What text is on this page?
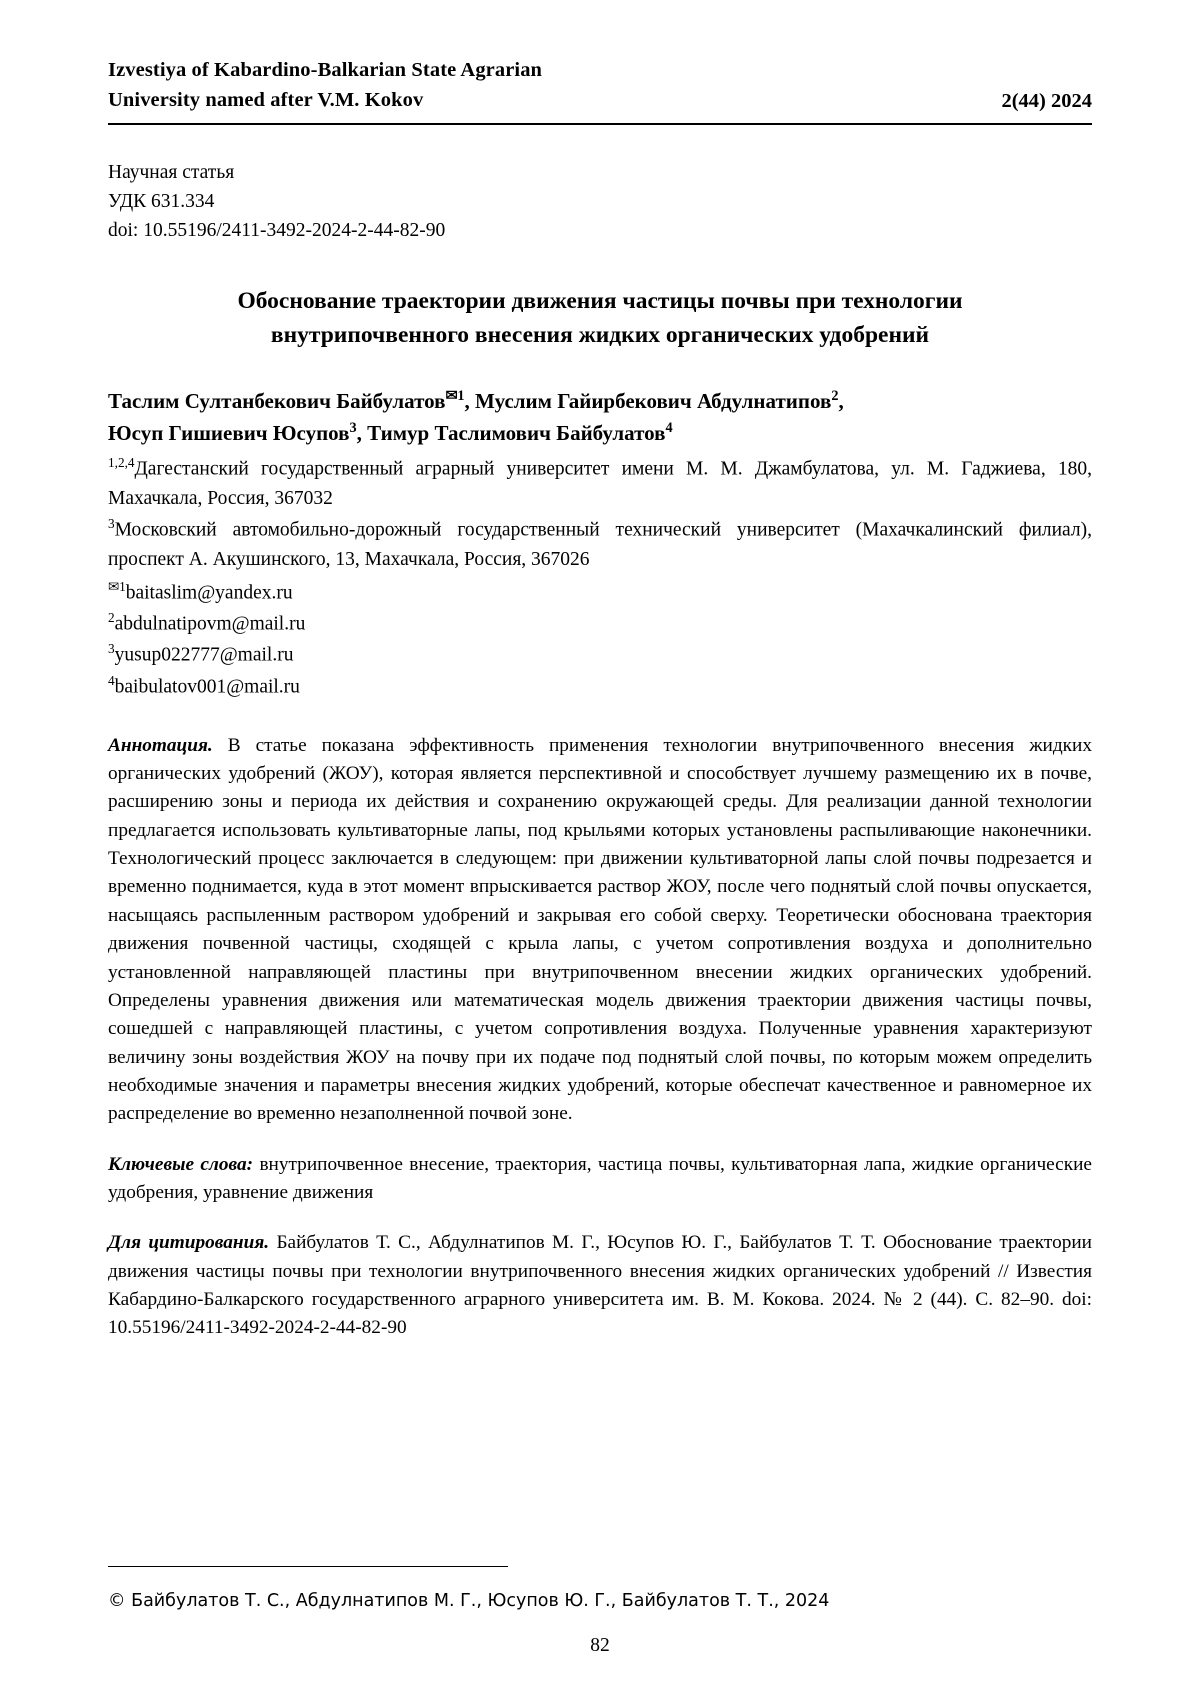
Izvestiya of Kabardino-Balkarian State Agrarian
University named after V.M. Kokov	2(44) 2024
Научная статья
УДК 631.334
doi: 10.55196/2411-3492-2024-2-44-82-90
Обоснование траектории движения частицы почвы при технологии
внутрипочвенного внесения жидких органических удобрений
Таслим Султанбекович Байбулатов$^{✉1}$, Муслим Гайирбекович Абдулнатипов$^2$,
Юсуп Гишиевич Юсупов$^3$, Тимур Таслимович Байбулатов$^4$

$^{1,2,4}$Дагестанский государственный аграрный университет имени М. М. Джамбулатова, ул. М. Гаджиева, 180, Махачкала, Россия, 367032

$^3$Московский автомобильно-дорожный государственный технический университет (Махачкалинский филиал), проспект А. Акушинского, 13, Махачкала, Россия, 367026

$^{✉1}$baitaslim@yandex.ru
$^2$abdulnatipovm@mail.ru
$^3$yusup022777@mail.ru
$^4$baibulatov001@mail.ru
Аннотация. В статье показана эффективность применения технологии внутрипочвенного внесения жидких органических удобрений (ЖОУ), которая является перспективной и способствует лучшему размещению их в почве, расширению зоны и периода их действия и сохранению окружающей среды. Для реализации данной технологии предлагается использовать культиваторные лапы, под крыльями которых установлены распыливающие наконечники. Технологический процесс заключается в следующем: при движении культиваторной лапы слой почвы подрезается и временно поднимается, куда в этот момент впрыскивается раствор ЖОУ, после чего поднятый слой почвы опускается, насыщаясь распыленным раствором удобрений и закрывая его собой сверху. Теоретически обоснована траектория движения почвенной частицы, сходящей с крыла лапы, с учетом сопротивления воздуха и дополнительно установленной направляющей пластины при внутрипочвенном внесении жидких органических удобрений. Определены уравнения движения или математическая модель движения траектории движения частицы почвы, сошедшей с направляющей пластины, с учетом сопротивления воздуха. Полученные уравнения характеризуют величину зоны воздействия ЖОУ на почву при их подаче под поднятый слой почвы, по которым можем определить необходимые значения и параметры внесения жидких удобрений, которые обеспечат качественное и равномерное их распределение во временно незаполненной почвой зоне.
Ключевые слова: внутрипочвенное внесение, траектория, частица почвы, культиваторная лапа, жидкие органические удобрения, уравнение движения
Для цитирования. Байбулатов Т. С., Абдулнатипов М. Г., Юсупов Ю. Г., Байбулатов Т. Т. Обоснование траектории движения частицы почвы при технологии внутрипочвенного внесения жидких органических удобрений // Известия Кабардино-Балкарского государственного аграрного университета им. В. М. Кокова. 2024. № 2 (44). С. 82–90. doi: 10.55196/2411-3492-2024-2-44-82-90
© Байбулатов Т. С., Абдулнатипов М. Г., Юсупов Ю. Г., Байбулатов Т. Т., 2024
82
